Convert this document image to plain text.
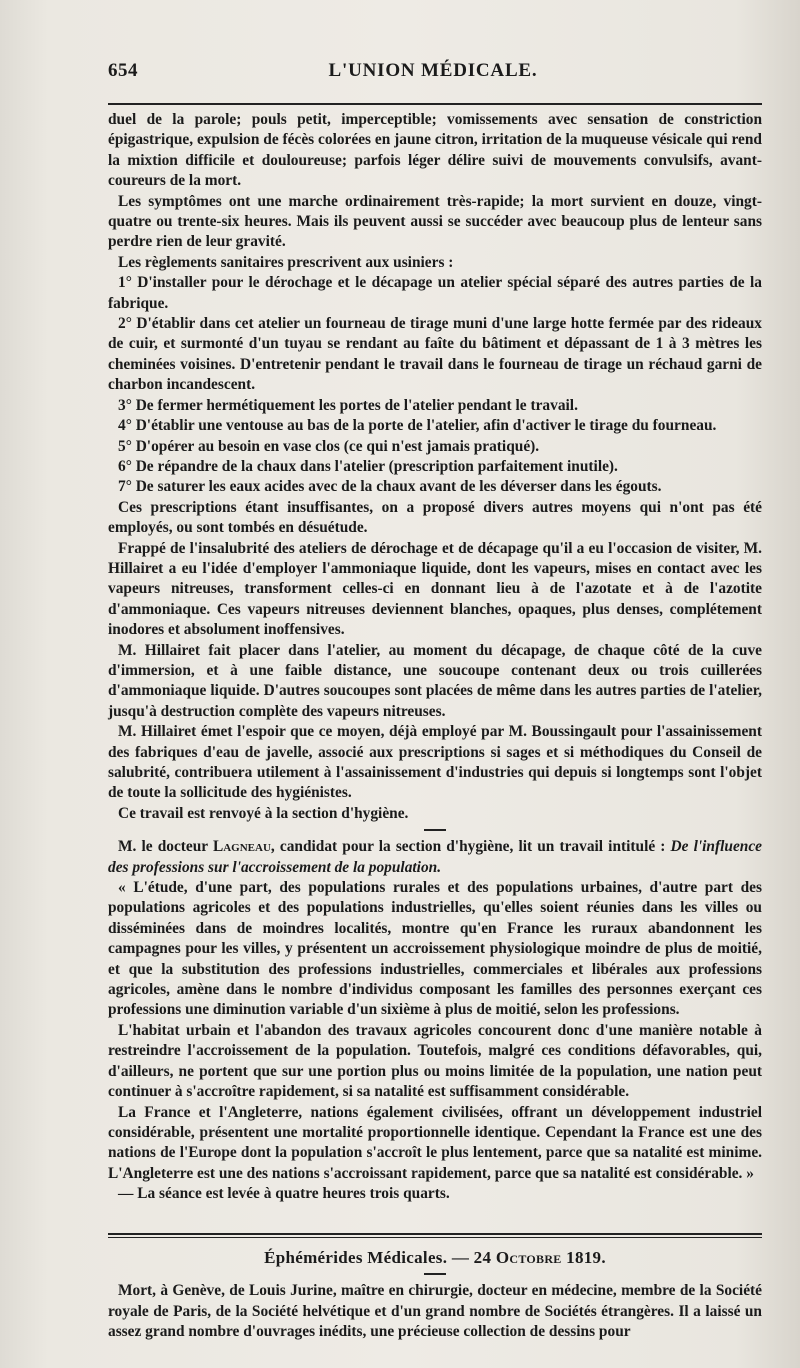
654	L'UNION MÉDICALE.

duel de la parole; pouls petit, imperceptible; vomissements avec sensation de constriction épigastrique, expulsion de fécès colorées en jaune citron, irritation de la muqueuse vésicale qui rend la mixtion difficile et douloureuse; parfois léger délire suivi de mouvements convulsifs, avant-coureurs de la mort.

Les symptômes ont une marche ordinairement très-rapide; la mort survient en douze, vingt-quatre ou trente-six heures. Mais ils peuvent aussi se succéder avec beaucoup plus de lenteur sans perdre rien de leur gravité.

Les règlements sanitaires prescrivent aux usiniers :

1° D'installer pour le dérochage et le décapage un atelier spécial séparé des autres parties de la fabrique.

2° D'établir dans cet atelier un fourneau de tirage muni d'une large hotte fermée par des rideaux de cuir, et surmonté d'un tuyau se rendant au faîte du bâtiment et dépassant de 1 à 3 mètres les cheminées voisines. D'entretenir pendant le travail dans le fourneau de tirage un réchaud garni de charbon incandescent.

3° De fermer hermétiquement les portes de l'atelier pendant le travail.

4° D'établir une ventouse au bas de la porte de l'atelier, afin d'activer le tirage du fourneau.

5° D'opérer au besoin en vase clos (ce qui n'est jamais pratiqué).

6° De répandre de la chaux dans l'atelier (prescription parfaitement inutile).

7° De saturer les eaux acides avec de la chaux avant de les déverser dans les égouts.

Ces prescriptions étant insuffisantes, on a proposé divers autres moyens qui n'ont pas été employés, ou sont tombés en désuétude.

Frappé de l'insalubrité des ateliers de dérochage et de décapage qu'il a eu l'occasion de visiter, M. Hillairet a eu l'idée d'employer l'ammoniaque liquide, dont les vapeurs, mises en contact avec les vapeurs nitreuses, transforment celles-ci en donnant lieu à de l'azotate et à de l'azotite d'ammoniaque. Ces vapeurs nitreuses deviennent blanches, opaques, plus denses, complétement inodores et absolument inoffensives.

M. Hillairet fait placer dans l'atelier, au moment du décapage, de chaque côté de la cuve d'immersion, et à une faible distance, une soucoupe contenant deux ou trois cuillerées d'ammoniaque liquide. D'autres soucoupes sont placées de même dans les autres parties de l'atelier, jusqu'à destruction complète des vapeurs nitreuses.

M. Hillairet émet l'espoir que ce moyen, déjà employé par M. Boussingault pour l'assainissement des fabriques d'eau de javelle, associé aux prescriptions si sages et si méthodiques du Conseil de salubrité, contribuera utilement à l'assainissement d'industries qui depuis si longtemps sont l'objet de toute la sollicitude des hygiénistes.

Ce travail est renvoyé à la section d'hygiène.

M. le docteur Lagneau, candidat pour la section d'hygiène, lit un travail intitulé : De l'influence des professions sur l'accroissement de la population.

« L'étude, d'une part, des populations rurales et des populations urbaines, d'autre part des populations agricoles et des populations industrielles, qu'elles soient réunies dans les villes ou disséminées dans de moindres localités, montre qu'en France les ruraux abandonnent les campagnes pour les villes, y présentent un accroissement physiologique moindre de plus de moitié, et que la substitution des professions industrielles, commerciales et libérales aux professions agricoles, amène dans le nombre d'individus composant les familles des personnes exerçant ces professions une diminution variable d'un sixième à plus de moitié, selon les professions.

L'habitat urbain et l'abandon des travaux agricoles concourent donc d'une manière notable à restreindre l'accroissement de la population. Toutefois, malgré ces conditions défavorables, qui, d'ailleurs, ne portent que sur une portion plus ou moins limitée de la population, une nation peut continuer à s'accroître rapidement, si sa natalité est suffisamment considérable.

La France et l'Angleterre, nations également civilisées, offrant un développement industriel considérable, présentent une mortalité proportionnelle identique. Cependant la France est une des nations de l'Europe dont la population s'accroît le plus lentement, parce que sa natalité est minime. L'Angleterre est une des nations s'accroissant rapidement, parce que sa natalité est considérable. »

— La séance est levée à quatre heures trois quarts.

Éphémérides Médicales. — 24 Octobre 1819.

Mort, à Genève, de Louis Jurine, maître en chirurgie, docteur en médecine, membre de la Société royale de Paris, de la Société helvétique et d'un grand nombre de Sociétés étrangères. Il a laissé un assez grand nombre d'ouvrages inédits, une précieuse collection de dessins pour
